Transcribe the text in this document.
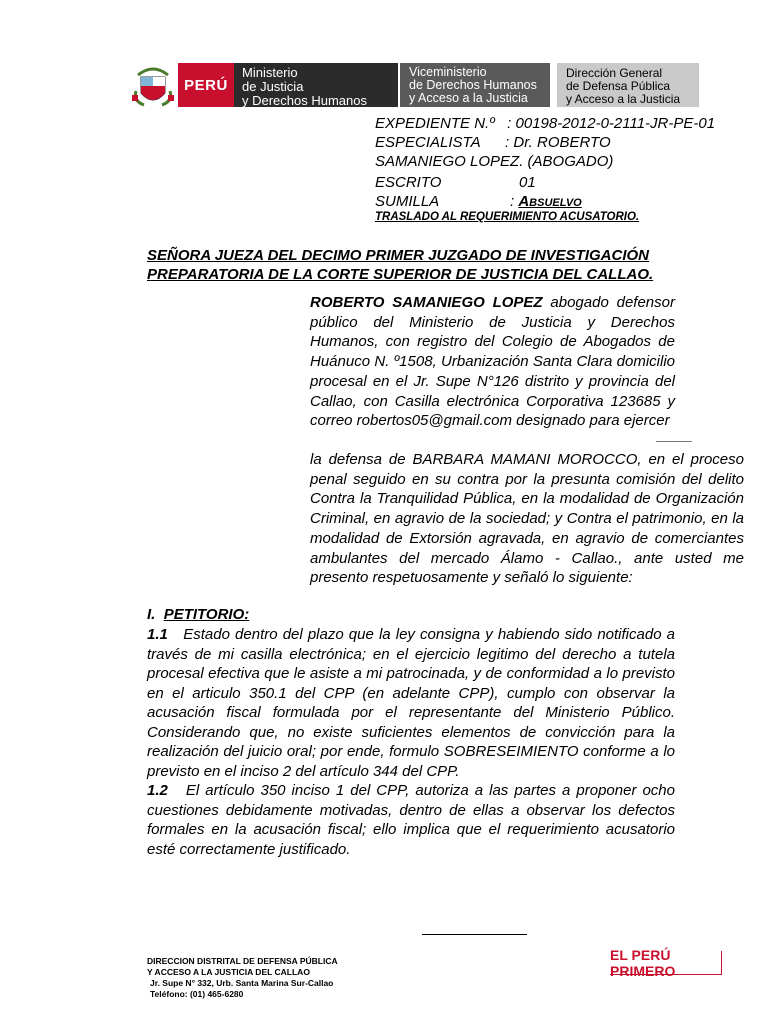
PERÚ
Ministerio
de Justicia
y Derechos Humanos
Viceministerio
de Derechos Humanos
y Acceso a la Justicia
Dirección General
de Defensa Pública
y Acceso a la Justicia
EXPEDIENTE N.º   : 00198-2012-0-2111-JR-PE-01
ESPECIALISTA      : Dr. ROBERTO
SAMANIEGO LOPEZ. (ABOGADO)
ESCRITO	01
SUMILLA	: Absuelvo
TRASLADO AL REQUERIMIENTO ACUSATORIO.
SEÑORA JUEZA DEL DECIMO PRIMER JUZGADO DE INVESTIGACIÓN PREPARATORIA DE LA CORTE SUPERIOR DE JUSTICIA DEL CALLAO.
ROBERTO SAMANIEGO LOPEZ abogado defensor público del Ministerio de Justicia y Derechos Humanos, con registro del Colegio de Abogados de Huánuco N. º1508, Urbanización Santa Clara domicilio procesal en el Jr. Supe N°126 distrito y provincia del Callao, con Casilla electrónica Corporativa 123685 y correo robertos05@gmail.com designado para ejercer
la defensa de BARBARA MAMANI MOROCCO, en el proceso penal seguido en su contra por la presunta comisión del delito Contra la Tranquilidad Pública, en la modalidad de Organización Criminal, en agravio de la sociedad; y Contra el patrimonio, en la modalidad de Extorsión agravada, en agravio de comerciantes ambulantes del mercado Álamo - Callao., ante usted me presento respetuosamente y señaló lo siguiente:
I. PETITORIO:
1.1   Estado dentro del plazo que la ley consigna y habiendo sido notificado a través de mi casilla electrónica; en el ejercicio legitimo del derecho a tutela procesal efectiva que le asiste a mi patrocinada, y de conformidad a lo previsto en el articulo 350.1 del CPP (en adelante CPP), cumplo con observar la acusación fiscal formulada por el representante del Ministerio Público. Considerando que, no existe suficientes elementos de convicción para la realización del juicio oral; por ende, formulo SOBRESEIMIENTO conforme a lo previsto en el inciso 2 del artículo 344 del CPP.
1.2   El artículo 350 inciso 1 del CPP, autoriza a las partes a proponer ocho cuestiones debidamente motivadas, dentro de ellas a observar los defectos formales en la acusación fiscal; ello implica que el requerimiento acusatorio esté correctamente justificado.
DIRECCION DISTRITAL DE DEFENSA PÚBLICA
Y ACCESO A LA JUSTICIA DEL CALLAO
Jr. Supe N° 332, Urb. Santa Marina Sur-Callao
Teléfono: (01) 465-6280
EL PERÚ PRIMERO
